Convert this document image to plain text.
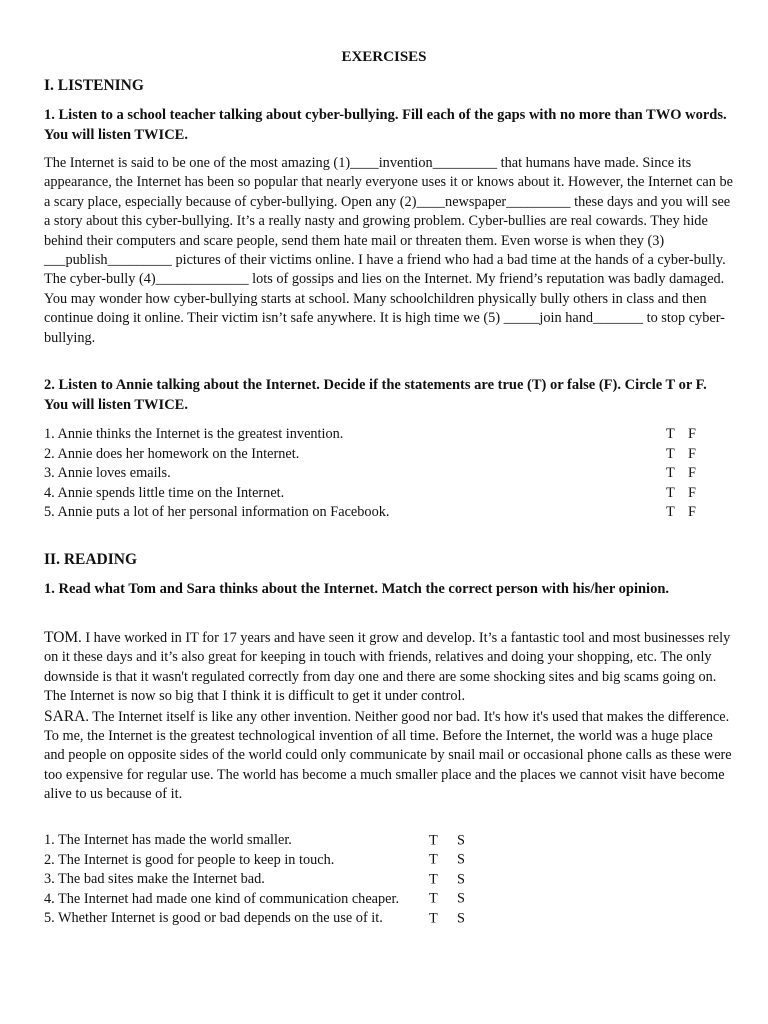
EXERCISES
I. LISTENING
1. Listen to a school teacher talking about cyber-bullying. Fill each of the gaps with no more than TWO words. You will listen TWICE.

The Internet is said to be one of the most amazing (1)____invention_________ that humans have made. Since its appearance, the Internet has been so popular that nearly everyone uses it or knows about it. However, the Internet can be a scary place, especially because of cyber-bullying. Open any (2)____newspaper_________ these days and you will see a story about this cyber-bullying. It’s a really nasty and growing problem. Cyber-bullies are real cowards. They hide behind their computers and scare people, send them hate mail or threaten them. Even worse is when they (3) ___publish_________ pictures of their victims online. I have a friend who had a bad time at the hands of a cyber-bully. The cyber-bully (4)_____________ lots of gossips and lies on the Internet. My friend’s reputation was badly damaged. You may wonder how cyber-bullying starts at school. Many schoolchildren physically bully others in class and then continue doing it online. Their victim isn’t safe anywhere. It is high time we (5) _____join hand_______ to stop cyber-bullying.

2. Listen to Annie talking about the Internet. Decide if the statements are true (T) or false (F). Circle T or F. You will listen TWICE.
1. Annie thinks the Internet is the greatest invention.	T F
2. Annie does her homework on the Internet.	T F
3. Annie loves emails.	T F
4. Annie spends little time on the Internet.	T F
5. Annie puts a lot of her personal information on Facebook.	T F
II. READING
1. Read what Tom and Sara thinks about the Internet. Match the correct person with his/her opinion.

TOM. I have worked in IT for 17 years and have seen it grow and develop. It’s a fantastic tool and most businesses rely on it these days and it’s also great for keeping in touch with friends, relatives and doing your shopping, etc. The only downside is that it wasn't regulated correctly from day one and there are some shocking sites and big scams going on. The Internet is now so big that I think it is difficult to get it under control.

SARA. The Internet itself is like any other invention. Neither good nor bad. It's how it's used that makes the difference. To me, the Internet is the greatest technological invention of all time. Before the Internet, the world was a huge place and people on opposite sides of the world could only communicate by snail mail or occasional phone calls as these were too expensive for regular use. The world has become a much smaller place and the places we cannot visit have become alive to us because of it.

1. The Internet has made the world smaller.	T S
2. The Internet is good for people to keep in touch.	T S
3. The bad sites make the Internet bad.	T S
4. The Internet had made one kind of communication cheaper.	T S
5. Whether Internet is good or bad depends on the use of it.	T S
